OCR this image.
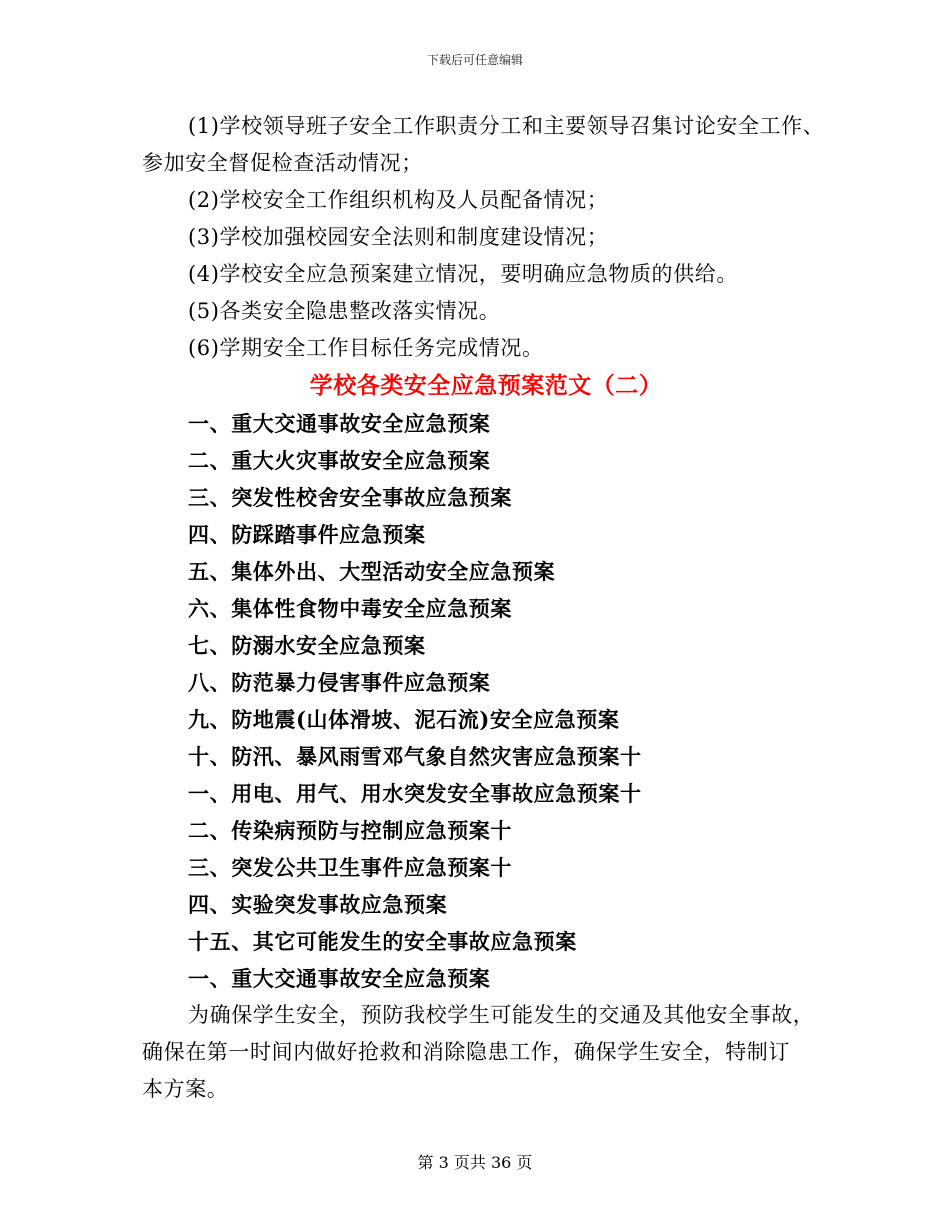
下载后可任意编辑
(1)学校领导班子安全工作职责分工和主要领导召集讨论安全工作、
参加安全督促检查活动情况；
(2)学校安全工作组织机构及人员配备情况；
(3)学校加强校园安全法则和制度建设情况；
(4)学校安全应急预案建立情况，要明确应急物质的供给。
(5)各类安全隐患整改落实情况。
(6)学期安全工作目标任务完成情况。
学校各类安全应急预案范文（二）
一、重大交通事故安全应急预案
二、重大火灾事故安全应急预案
三、突发性校舍安全事故应急预案
四、防踩踏事件应急预案
五、集体外出、大型活动安全应急预案
六、集体性食物中毒安全应急预案
七、防溺水安全应急预案
八、防范暴力侵害事件应急预案
九、防地震(山体滑坡、泥石流)安全应急预案
十、防汛、暴风雨雪邓气象自然灾害应急预案十
一、用电、用气、用水突发安全事故应急预案十
二、传染病预防与控制应急预案十
三、突发公共卫生事件应急预案十
四、实验突发事故应急预案
十五、其它可能发生的安全事故应急预案
一、重大交通事故安全应急预案
为确保学生安全，预防我校学生可能发生的交通及其他安全事故，
确保在第一时间内做好抢救和消除隐患工作，确保学生安全，特制订
本方案。
第 3 页共 36 页
